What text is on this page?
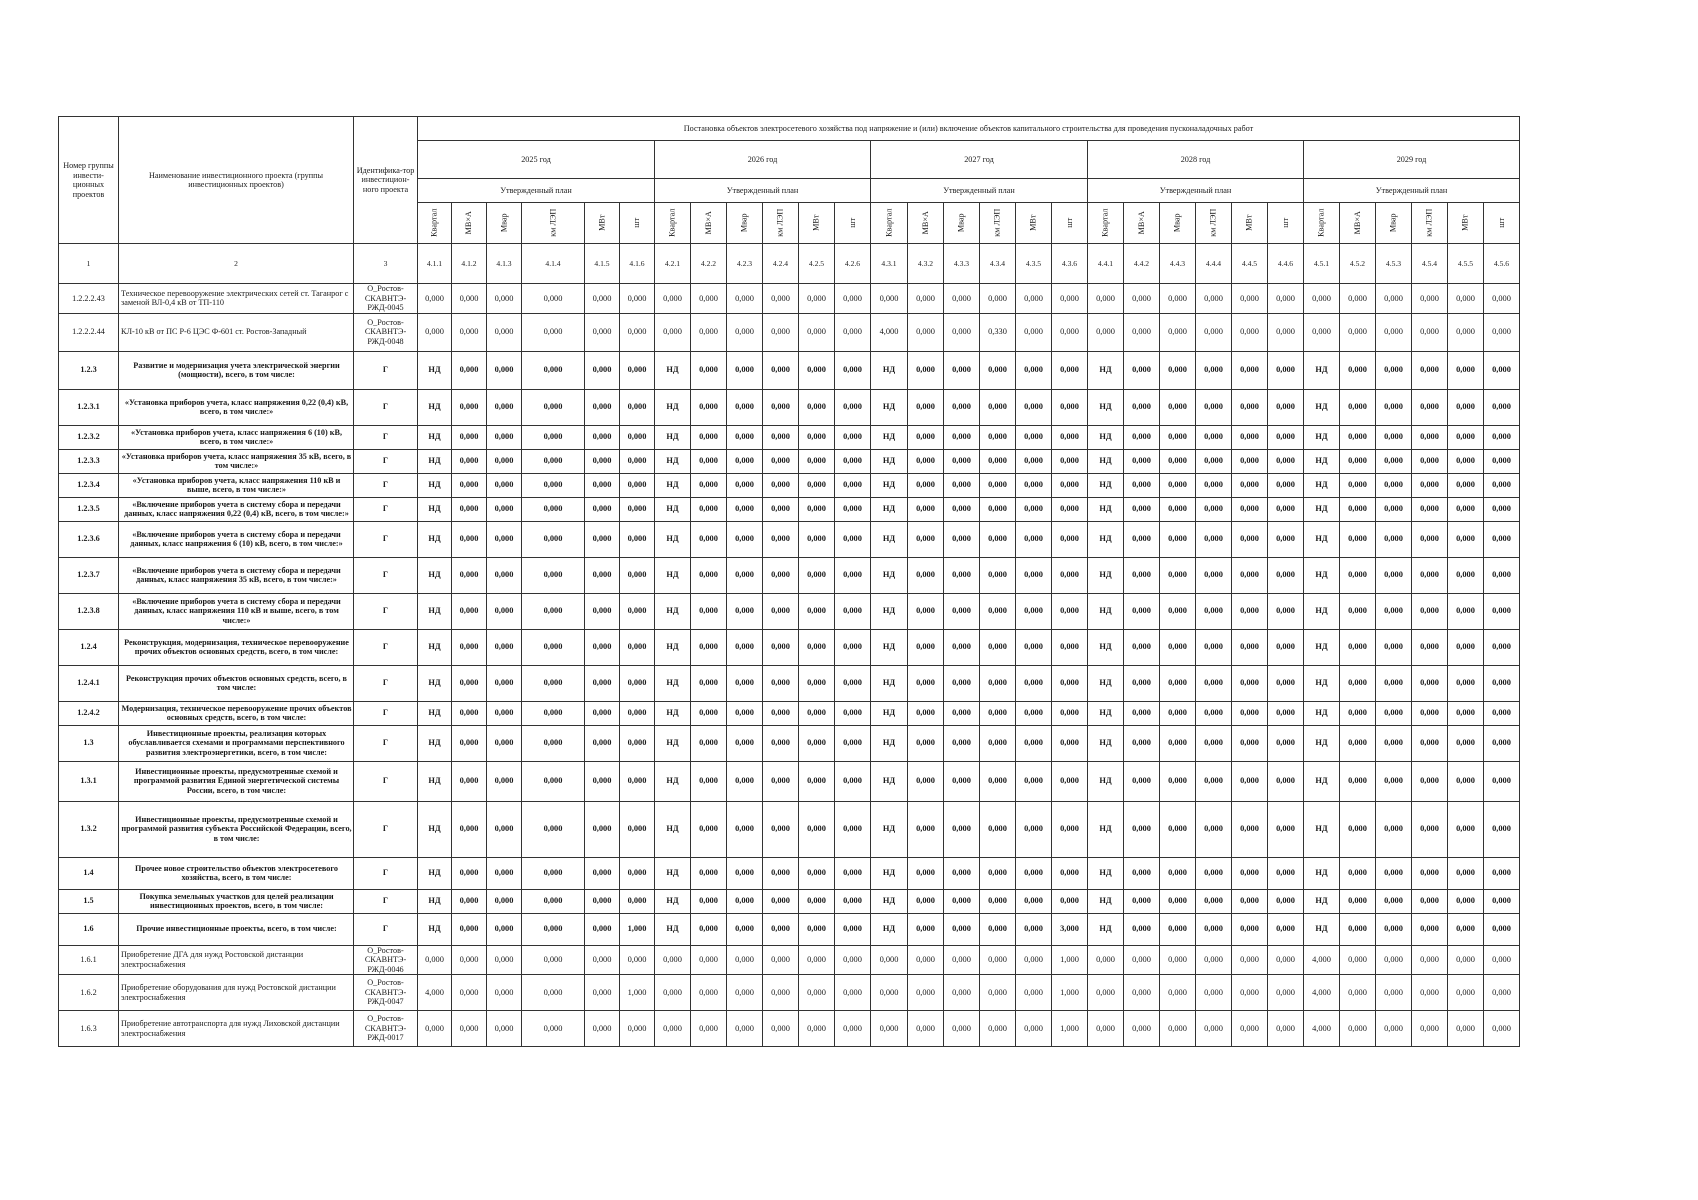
Номер группы инвести-ционных проектов	Наименование инвестиционного проекта (группы инвестиционных проектов)	Идентифика-тор инвестицион-ного проекта	Постановка объектов электросетевого хозяйства под напряжение и (или) включение объектов капитального строительства для проведения пусконаладочных работ																													
			2025 год						2026 год						2027 год						2028 год						2029 год					
			Утвержденный план						Утвержденный план						Утвержденный план						Утвержденный план						Утвержденный план					
			Квартал	МВ×А	Мвар	км ЛЭП	МВт	шт	Квартал	МВ×А	Мвар	км ЛЭП	МВт	шт	Квартал	МВ×А	Мвар	км ЛЭП	МВт	шт	Квартал	МВ×А	Мвар	км ЛЭП	МВт	шт	Квартал	МВ×А	Мвар	км ЛЭП	МВт	шт
1	2	3	4.1.1	4.1.2	4.1.3	4.1.4	4.1.5	4.1.6	4.2.1	4.2.2	4.2.3	4.2.4	4.2.5	4.2.6	4.3.1	4.3.2	4.3.3	4.3.4	4.3.5	4.3.6	4.4.1	4.4.2	4.4.3	4.4.4	4.4.5	4.4.6	4.5.1	4.5.2	4.5.3	4.5.4	4.5.5	4.5.6
1.2.2.2.43	Техническое перевооружение электрических сетей ст. Таганрог с заменой ВЛ-0,4 кВ от ТП-110	О_Ростов-СКАВНТЭ-РЖД-0045	0,000	0,000	0,000	0,000	0,000	0,000	0,000	0,000	0,000	0,000	0,000	0,000	0,000	0,000	0,000	0,000	0,000	0,000	0,000	0,000	0,000	0,000	0,000	0,000	0,000	0,000	0,000	0,000	0,000	0,000
1.2.2.2.44	КЛ-10 кВ от ПС Р-6 ЦЭС Ф-601 ст. Ростов-Западный	О_Ростов-СКАВНТЭ-РЖД-0048	0,000	0,000	0,000	0,000	0,000	0,000	0,000	0,000	0,000	0,000	0,000	0,000	4,000	0,000	0,000	0,330	0,000	0,000	0,000	0,000	0,000	0,000	0,000	0,000	0,000	0,000	0,000	0,000	0,000	0,000
1.2.3	Развитие и модернизация учета электрической энергии (мощности), всего, в том числе:	Г	НД	0,000	0,000	0,000	0,000	0,000	НД	0,000	0,000	0,000	0,000	0,000	НД	0,000	0,000	0,000	0,000	0,000	НД	0,000	0,000	0,000	0,000	0,000	НД	0,000	0,000	0,000	0,000	0,000
1.2.3.1	«Установка приборов учета, класс напряжения 0,22 (0,4) кВ, всего, в том числе:»	Г	НД	0,000	0,000	0,000	0,000	0,000	НД	0,000	0,000	0,000	0,000	0,000	НД	0,000	0,000	0,000	0,000	0,000	НД	0,000	0,000	0,000	0,000	0,000	НД	0,000	0,000	0,000	0,000	0,000
1.2.3.2	«Установка приборов учета, класс напряжения 6 (10) кВ, всего, в том числе:»	Г	НД	0,000	0,000	0,000	0,000	0,000	НД	0,000	0,000	0,000	0,000	0,000	НД	0,000	0,000	0,000	0,000	0,000	НД	0,000	0,000	0,000	0,000	0,000	НД	0,000	0,000	0,000	0,000	0,000
1.2.3.3	«Установка приборов учета, класс напряжения 35 кВ, всего, в том числе:»	Г	НД	0,000	0,000	0,000	0,000	0,000	НД	0,000	0,000	0,000	0,000	0,000	НД	0,000	0,000	0,000	0,000	0,000	НД	0,000	0,000	0,000	0,000	0,000	НД	0,000	0,000	0,000	0,000	0,000
1.2.3.4	«Установка приборов учета, класс напряжения 110 кВ и выше, всего, в том числе:»	Г	НД	0,000	0,000	0,000	0,000	0,000	НД	0,000	0,000	0,000	0,000	0,000	НД	0,000	0,000	0,000	0,000	0,000	НД	0,000	0,000	0,000	0,000	0,000	НД	0,000	0,000	0,000	0,000	0,000
1.2.3.5	«Включение приборов учета в систему сбора и передачи данных, класс напряжения 0,22 (0,4) кВ, всего, в том числе:»	Г	НД	0,000	0,000	0,000	0,000	0,000	НД	0,000	0,000	0,000	0,000	0,000	НД	0,000	0,000	0,000	0,000	0,000	НД	0,000	0,000	0,000	0,000	0,000	НД	0,000	0,000	0,000	0,000	0,000
1.2.3.6	«Включение приборов учета в систему сбора и передачи данных, класс напряжения 6 (10) кВ, всего, в том числе:»	Г	НД	0,000	0,000	0,000	0,000	0,000	НД	0,000	0,000	0,000	0,000	0,000	НД	0,000	0,000	0,000	0,000	0,000	НД	0,000	0,000	0,000	0,000	0,000	НД	0,000	0,000	0,000	0,000	0,000
1.2.3.7	«Включение приборов учета в систему сбора и передачи данных, класс напряжения 35 кВ, всего, в том числе:»	Г	НД	0,000	0,000	0,000	0,000	0,000	НД	0,000	0,000	0,000	0,000	0,000	НД	0,000	0,000	0,000	0,000	0,000	НД	0,000	0,000	0,000	0,000	0,000	НД	0,000	0,000	0,000	0,000	0,000
1.2.3.8	«Включение приборов учета в систему сбора и передачи данных, класс напряжения 110 кВ и выше, всего, в том числе:»	Г	НД	0,000	0,000	0,000	0,000	0,000	НД	0,000	0,000	0,000	0,000	0,000	НД	0,000	0,000	0,000	0,000	0,000	НД	0,000	0,000	0,000	0,000	0,000	НД	0,000	0,000	0,000	0,000	0,000
1.2.4	Реконструкция, модернизация, техническое перевооружение прочих объектов основных средств, всего, в том числе:	Г	НД	0,000	0,000	0,000	0,000	0,000	НД	0,000	0,000	0,000	0,000	0,000	НД	0,000	0,000	0,000	0,000	0,000	НД	0,000	0,000	0,000	0,000	0,000	НД	0,000	0,000	0,000	0,000	0,000
1.2.4.1	Реконструкция прочих объектов основных средств, всего, в том числе:	Г	НД	0,000	0,000	0,000	0,000	0,000	НД	0,000	0,000	0,000	0,000	0,000	НД	0,000	0,000	0,000	0,000	0,000	НД	0,000	0,000	0,000	0,000	0,000	НД	0,000	0,000	0,000	0,000	0,000
1.2.4.2	Модернизация, техническое перевооружение прочих объектов основных средств, всего, в том числе:	Г	НД	0,000	0,000	0,000	0,000	0,000	НД	0,000	0,000	0,000	0,000	0,000	НД	0,000	0,000	0,000	0,000	0,000	НД	0,000	0,000	0,000	0,000	0,000	НД	0,000	0,000	0,000	0,000	0,000
1.3	Инвестиционные проекты, реализация которых обуславливается схемами и программами перспективного развития электроэнергетики, всего, в том числе:	Г	НД	0,000	0,000	0,000	0,000	0,000	НД	0,000	0,000	0,000	0,000	0,000	НД	0,000	0,000	0,000	0,000	0,000	НД	0,000	0,000	0,000	0,000	0,000	НД	0,000	0,000	0,000	0,000	0,000
1.3.1	Инвестиционные проекты, предусмотренные схемой и программой развития Единой энергетической системы России, всего, в том числе:	Г	НД	0,000	0,000	0,000	0,000	0,000	НД	0,000	0,000	0,000	0,000	0,000	НД	0,000	0,000	0,000	0,000	0,000	НД	0,000	0,000	0,000	0,000	0,000	НД	0,000	0,000	0,000	0,000	0,000
1.3.2	Инвестиционные проекты, предусмотренные схемой и программой развития субъекта Российской Федерации, всего, в том числе:	Г	НД	0,000	0,000	0,000	0,000	0,000	НД	0,000	0,000	0,000	0,000	0,000	НД	0,000	0,000	0,000	0,000	0,000	НД	0,000	0,000	0,000	0,000	0,000	НД	0,000	0,000	0,000	0,000	0,000
1.4	Прочее новое строительство объектов электросетевого хозяйства, всего, в том числе:	Г	НД	0,000	0,000	0,000	0,000	0,000	НД	0,000	0,000	0,000	0,000	0,000	НД	0,000	0,000	0,000	0,000	0,000	НД	0,000	0,000	0,000	0,000	0,000	НД	0,000	0,000	0,000	0,000	0,000
1.5	Покупка земельных участков для целей реализации инвестиционных проектов, всего, в том числе:	Г	НД	0,000	0,000	0,000	0,000	0,000	НД	0,000	0,000	0,000	0,000	0,000	НД	0,000	0,000	0,000	0,000	0,000	НД	0,000	0,000	0,000	0,000	0,000	НД	0,000	0,000	0,000	0,000	0,000
1.6	Прочие инвестиционные проекты, всего, в том числе:	Г	НД	0,000	0,000	0,000	0,000	1,000	НД	0,000	0,000	0,000	0,000	0,000	НД	0,000	0,000	0,000	0,000	3,000	НД	0,000	0,000	0,000	0,000	0,000	НД	0,000	0,000	0,000	0,000	0,000
1.6.1	Приобретение ДГА для нужд Ростовской дистанции электроснабжения	О_Ростов-СКАВНТЭ-РЖД-0046	0,000	0,000	0,000	0,000	0,000	0,000	0,000	0,000	0,000	0,000	0,000	0,000	0,000	0,000	0,000	0,000	0,000	1,000	0,000	0,000	0,000	0,000	0,000	0,000	4,000	0,000	0,000	0,000	0,000	0,000
1.6.2	Приобретение оборудования для нужд Ростовской дистанции электроснабжения	О_Ростов-СКАВНТЭ-РЖД-0047	4,000	0,000	0,000	0,000	0,000	1,000	0,000	0,000	0,000	0,000	0,000	0,000	0,000	0,000	0,000	0,000	0,000	1,000	0,000	0,000	0,000	0,000	0,000	0,000	4,000	0,000	0,000	0,000	0,000	0,000
1.6.3	Приобретение автотранспорта для нужд Лиховской дистанции электроснабжения	О_Ростов-СКАВНТЭ-РЖД-0017	0,000	0,000	0,000	0,000	0,000	0,000	0,000	0,000	0,000	0,000	0,000	0,000	0,000	0,000	0,000	0,000	0,000	1,000	0,000	0,000	0,000	0,000	0,000	0,000	4,000	0,000	0,000	0,000	0,000	0,000
